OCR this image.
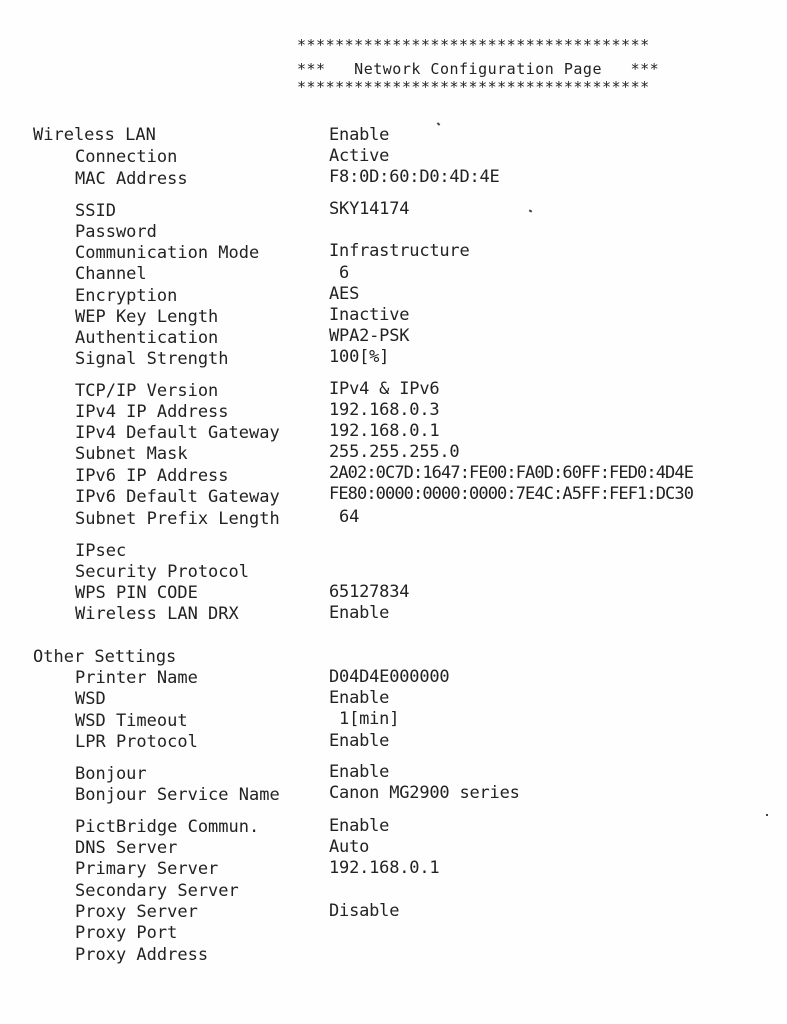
*************************************
***   Network Configuration Page   ***
*************************************
Wireless LAN	Enable
Connection	Active
MAC Address	F8:0D:60:D0:4D:4E
SSID	SKY14174
Password
Communication Mode	Infrastructure
Channel	6
Encryption	AES
WEP Key Length	Inactive
Authentication	WPA2-PSK
Signal Strength	100[%]
TCP/IP Version	IPv4 & IPv6
IPv4 IP Address	192.168.0.3
IPv4 Default Gateway	192.168.0.1
Subnet Mask	255.255.255.0
IPv6 IP Address	2A02:0C7D:1647:FE00:FA0D:60FF:FED0:4D4E
IPv6 Default Gateway	FE80:0000:0000:0000:7E4C:A5FF:FEF1:DC30
Subnet Prefix Length	64
IPsec
Security Protocol
WPS PIN CODE	65127834
Wireless LAN DRX	Enable
Other Settings
Printer Name	D04D4E000000
WSD	Enable
WSD Timeout	1[min]
LPR Protocol	Enable
Bonjour	Enable
Bonjour Service Name	Canon MG2900 series
PictBridge Commun.	Enable
DNS Server	Auto
Primary Server	192.168.0.1
Secondary Server
Proxy Server	Disable
Proxy Port
Proxy Address
